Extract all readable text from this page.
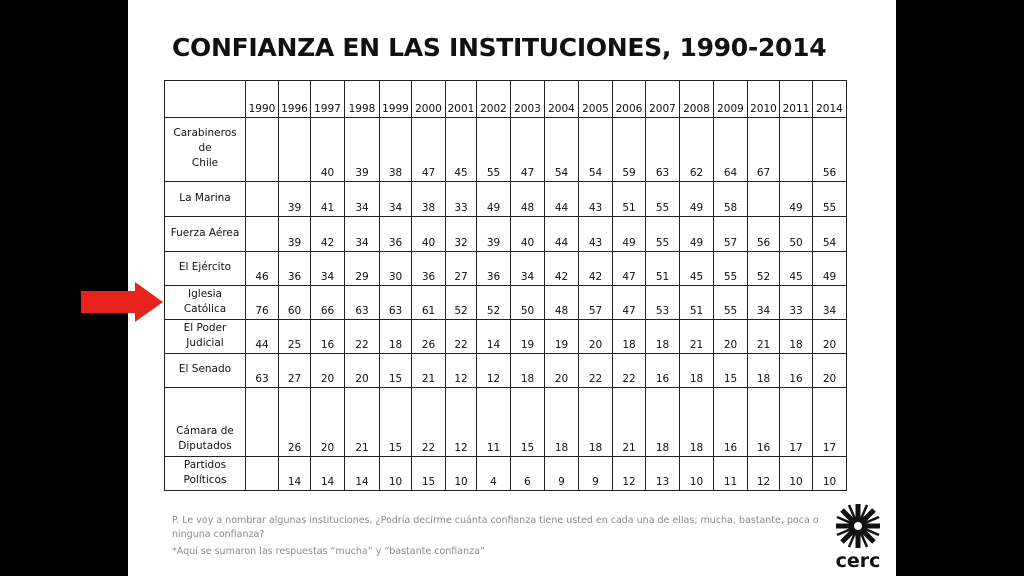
CONFIANZA EN LAS INSTITUCIONES, 1990-2014
	1990	1996	1997	1998	1999	2000	2001	2002	2003	2004	2005	2006	2007	2008	2009	2010	2011	2014

Carabineros de
Chile			40	39	38	47	45	55	47	54	54	59	63	62	64	67		56

La Marina		39	41	34	34	38	33	49	48	44	43	51	55	49	58		49	55

Fuerza Aérea		39	42	34	36	40	32	39	40	44	43	49	55	49	57	56	50	54

El Ejército	46	36	34	29	30	36	27	36	34	42	42	47	51	45	55	52	45	49

Iglesia Católica	76	60	66	63	63	61	52	52	50	48	57	47	53	51	55	34	33	34

El Poder
Judicial	44	25	16	22	18	26	22	14	19	19	20	18	18	21	20	21	18	20

El Senado	63	27	20	20	15	21	12	12	18	20	22	22	16	18	15	18	16	20

Cámara de
Diputados		26	20	21	15	22	12	11	15	18	18	21	18	18	16	16	17	17

Partidos
Políticos		14	14	14	10	15	10	4	6	9	9	12	13	10	11	12	10	10
P. Le voy a nombrar algunas instituciones, ¿Podría decirme cuánta confianza tiene usted en cada una de ellas; mucha, bastante, poca o ninguna confianza?
*Aquí se sumaron las respuestas “mucha” y “bastante confianza”	cerc
